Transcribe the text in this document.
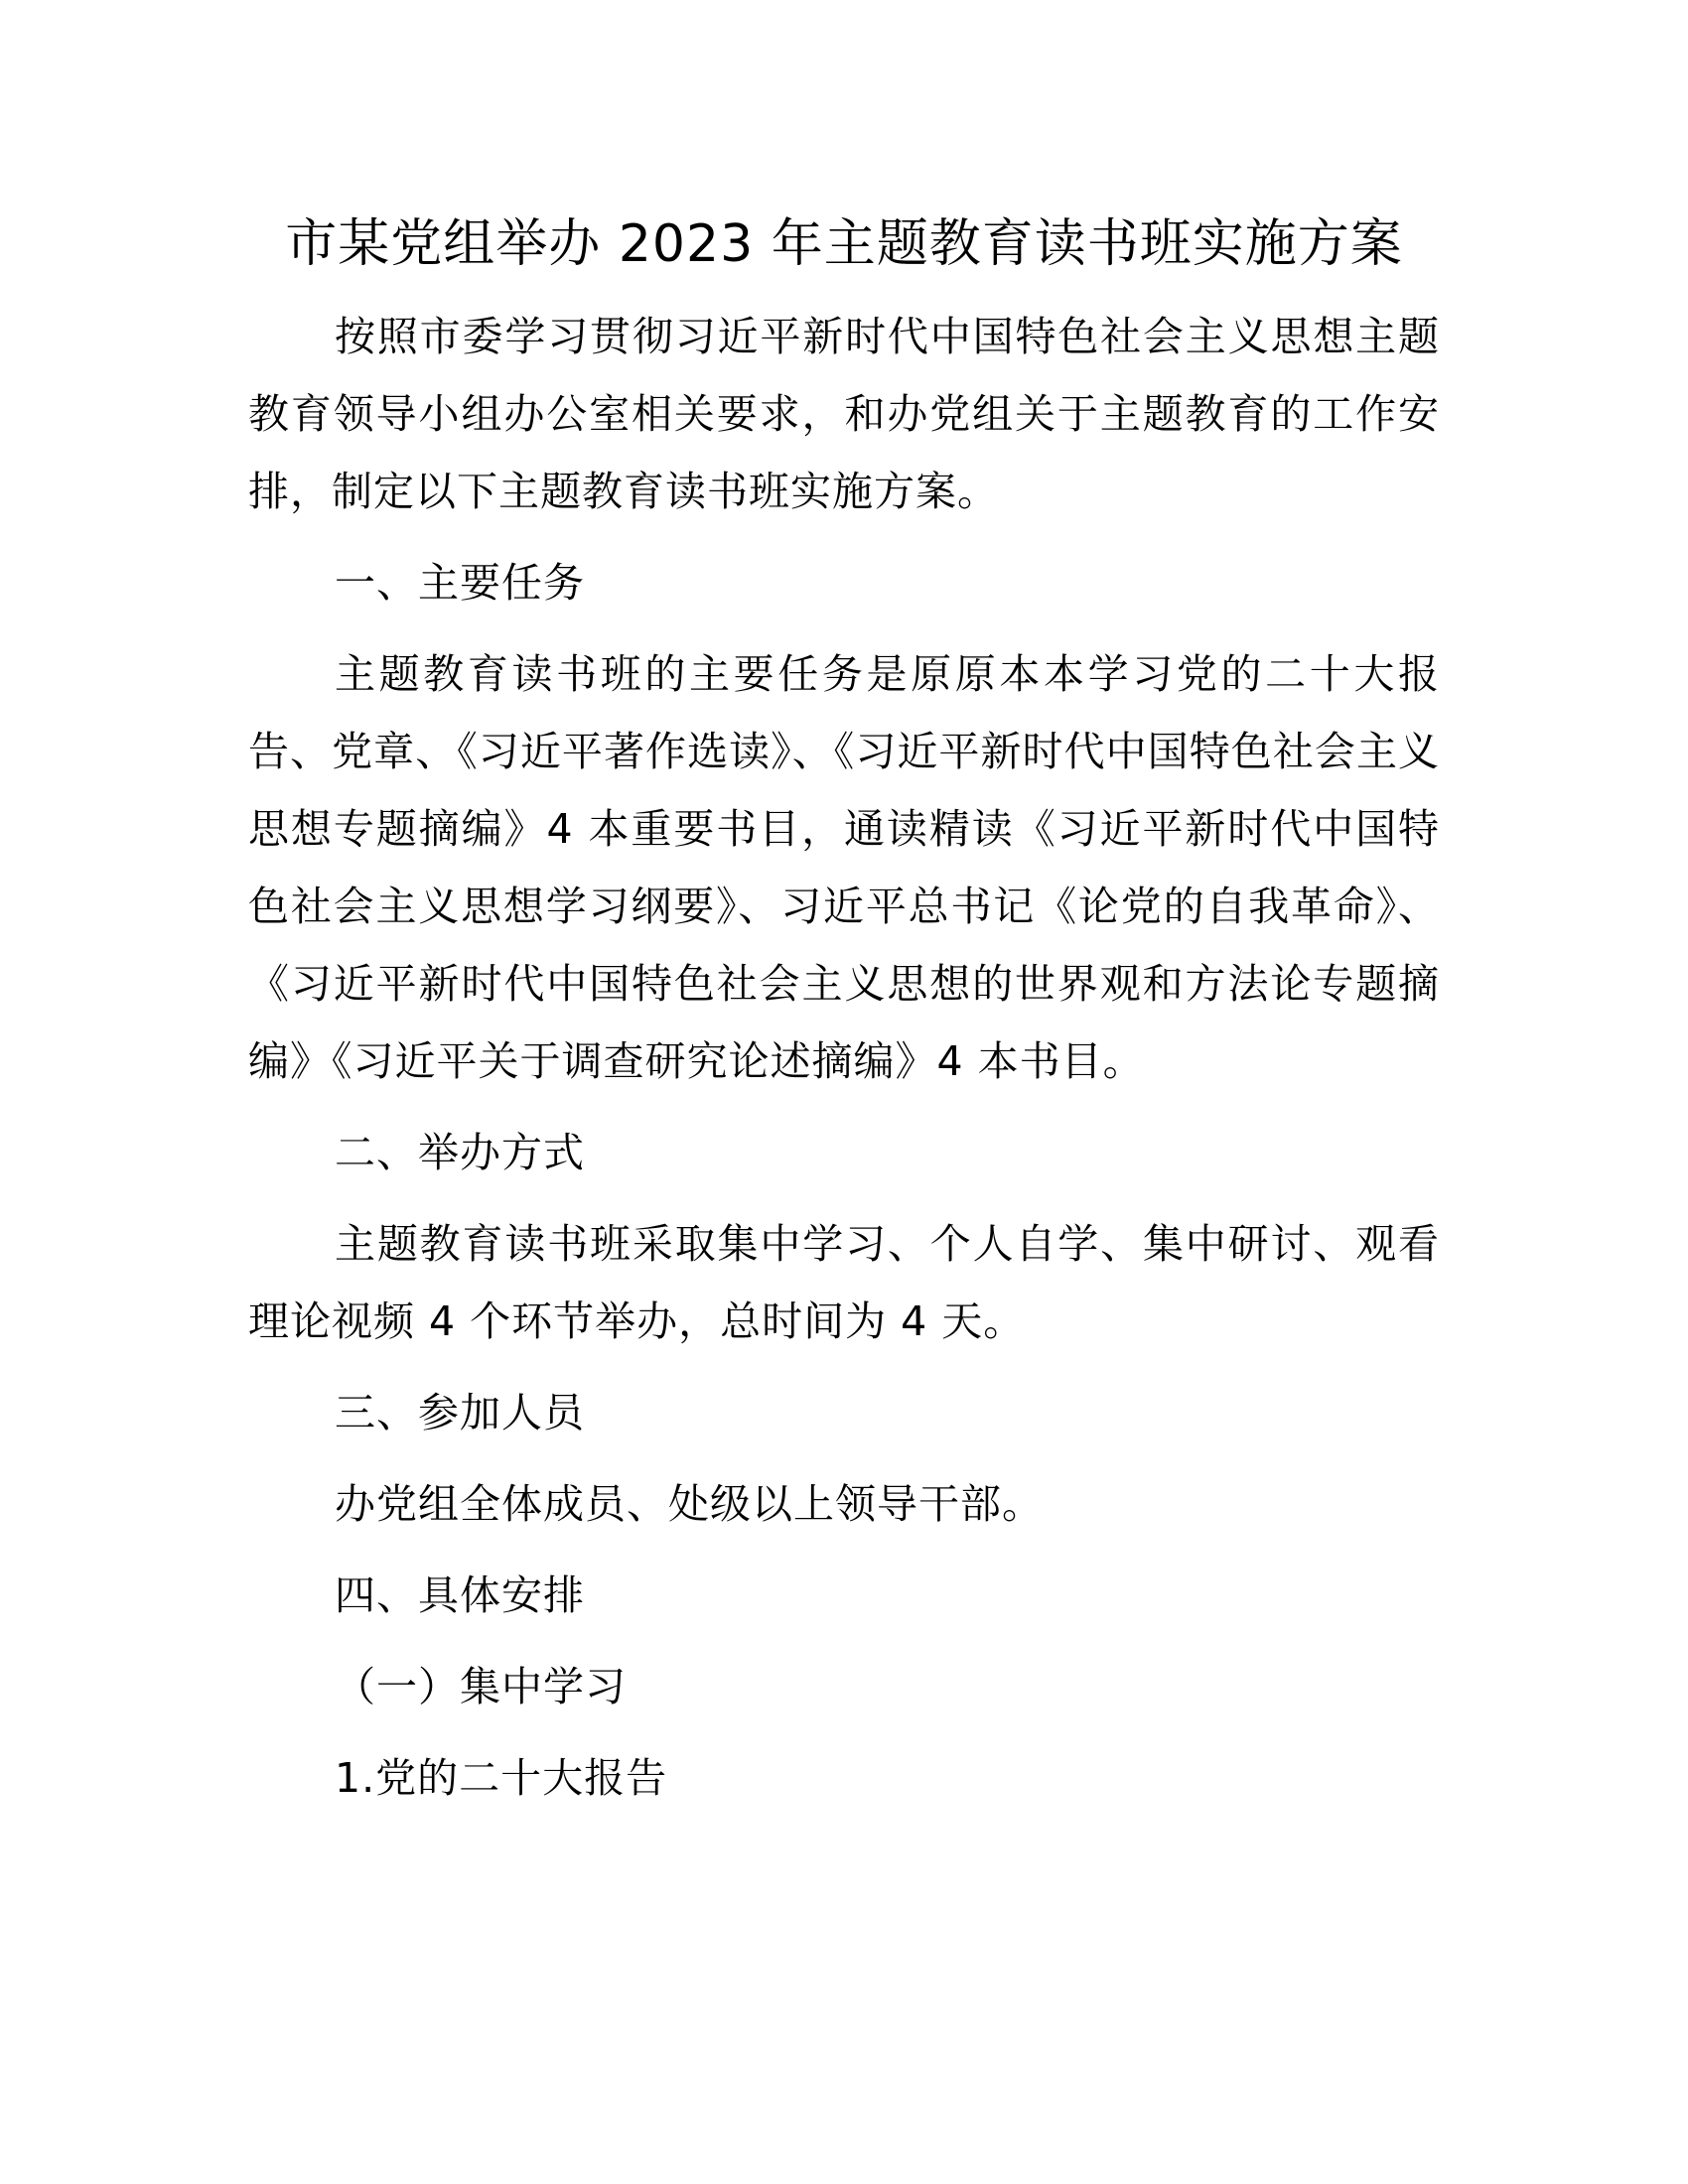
市某党组举办 2023 年主题教育读书班实施方案

按照市委学习贯彻习近平新时代中国特色社会主义思想主题教育领导小组办公室相关要求，和办党组关于主题教育的工作安排，制定以下主题教育读书班实施方案。

一、主要任务

主题教育读书班的主要任务是原原本本学习党的二十大报告、党章、《习近平著作选读》、《习近平新时代中国特色社会主义思想专题摘编》4 本重要书目，通读精读《习近平新时代中国特色社会主义思想学习纲要》、习近平总书记《论党的自我革命》、《习近平新时代中国特色社会主义思想的世界观和方法论专题摘编》《习近平关于调查研究论述摘编》4 本书目。

二、举办方式

主题教育读书班采取集中学习、个人自学、集中研讨、观看理论视频 4 个环节举办，总时间为 4 天。

三、参加人员

办党组全体成员、处级以上领导干部。

四、具体安排

（一）集中学习

1.党的二十大报告
